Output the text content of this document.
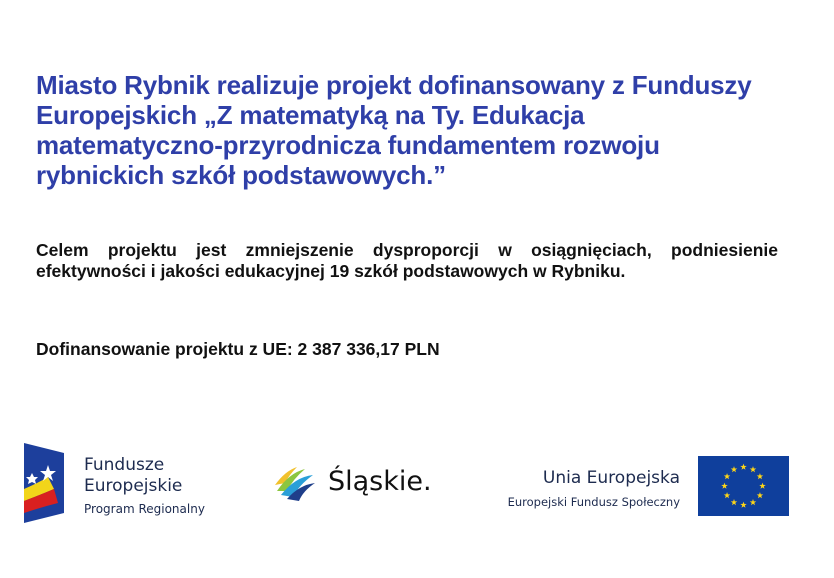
Miasto Rybnik realizuje projekt dofinansowany z Funduszy
Europejskich „Z matematyką na Ty. Edukacja
matematyczno-przyrodnicza fundamentem rozwoju
rybnickich szkół podstawowych.”

Celem projektu jest zmniejszenie dysproporcji w osiągnięciach, podniesienie efektywności i jakości edukacyjnej 19 szkół podstawowych w Rybniku.

Dofinansowanie projektu z UE: 2 387 336,17 PLN

Fundusze
Europejskie
Program Regionalny
Śląskie.	Unia Europejska
Europejski Fundusz Społeczny
